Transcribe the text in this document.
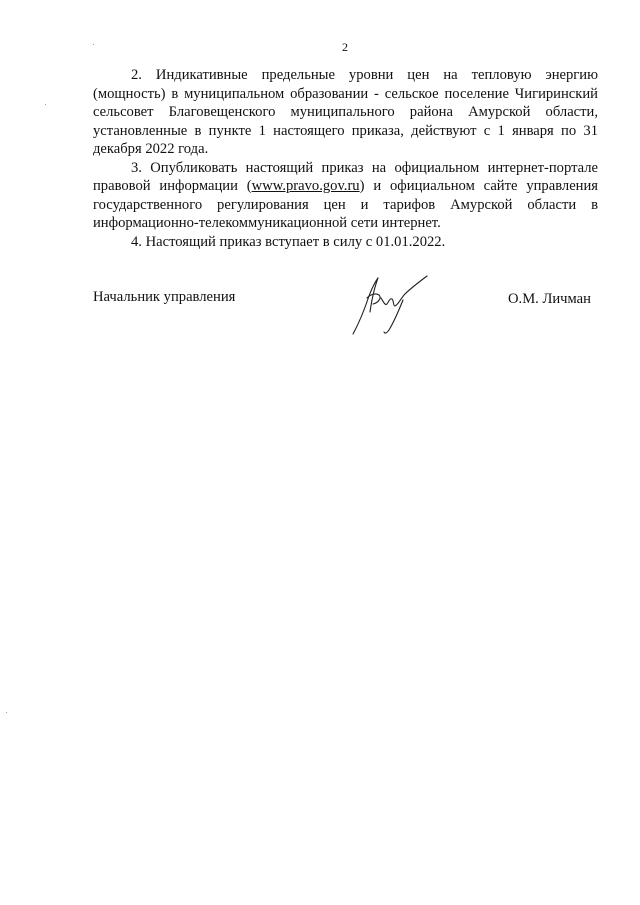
2

2. Индикативные предельные уровни цен на тепловую энергию (мощность) в муниципальном образовании - сельское поселение Чигиринский сельсовет Благовещенского муниципального района Амурской области, установленные в пункте 1 настоящего приказа, действуют с 1 января по 31 декабря 2022 года.

3. Опубликовать настоящий приказ на официальном интернет-портале правовой информации (www.pravo.gov.ru) и официальном сайте управления государственного регулирования цен и тарифов Амурской области в информационно-телекоммуникационной сети интернет.

4. Настоящий приказ вступает в силу с 01.01.2022.

Начальник управления	О.М. Личман
